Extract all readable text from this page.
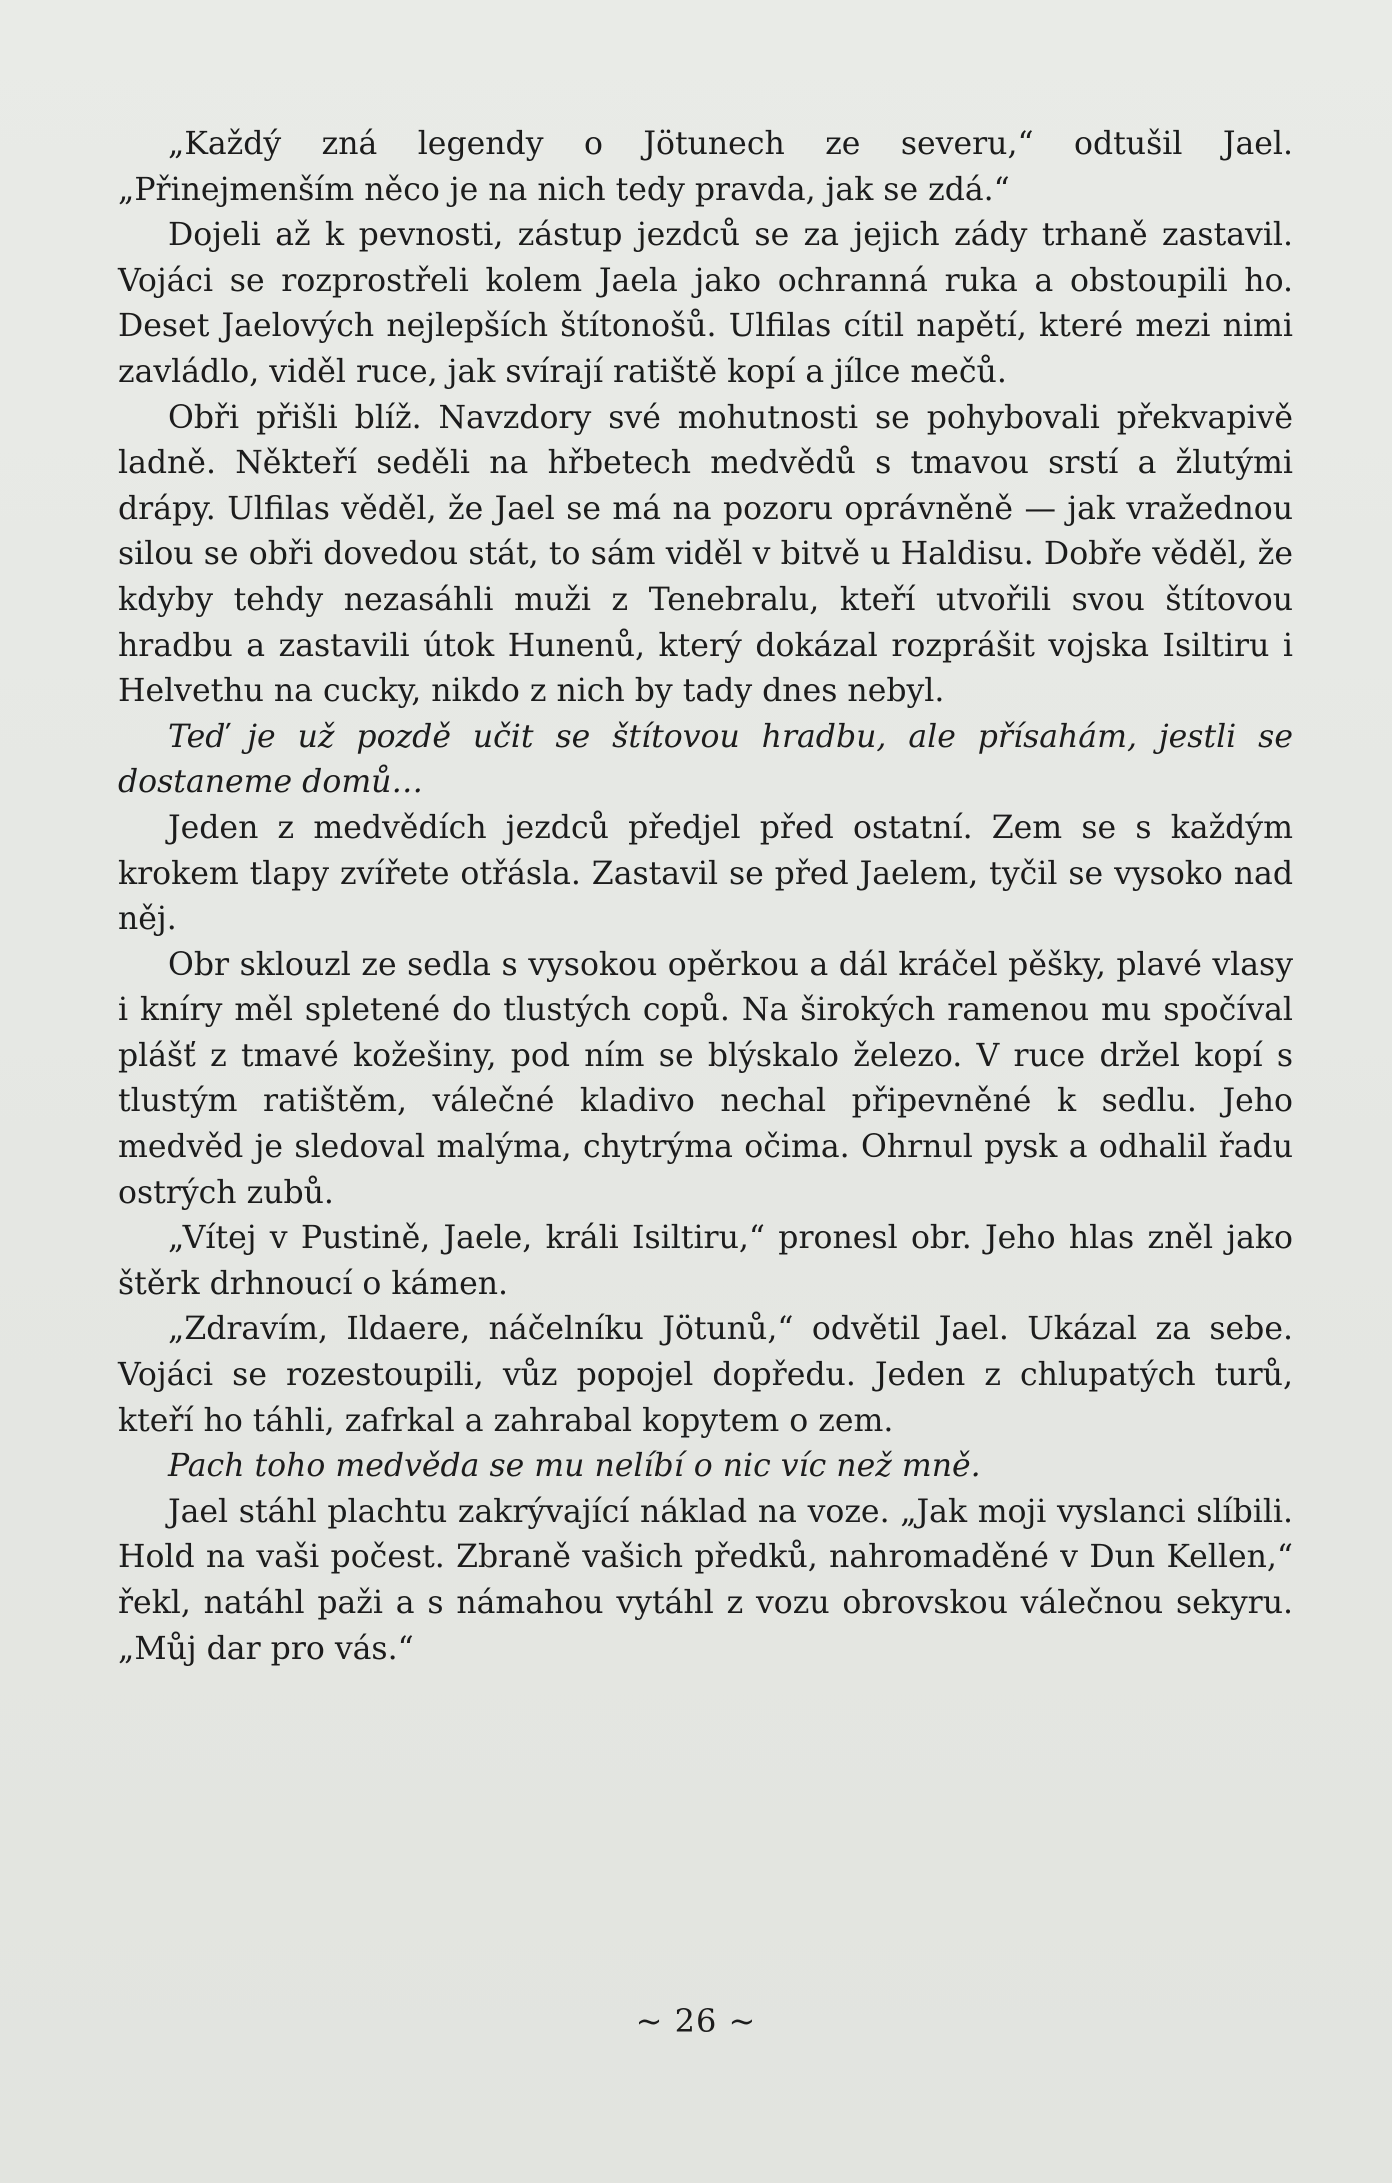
„Každý zná legendy o Jötunech ze severu,“ odtušil Jael. „Přinejmenším něco je na nich tedy pravda, jak se zdá.“

Dojeli až k pevnosti, zástup jezdců se za jejich zády trhaně zastavil. Vojáci se rozprostřeli kolem Jaela jako ochranná ruka a obstoupili ho. Deset Jaelových nejlepších štítonošů. Ulfilas cítil napětí, které mezi nimi zavládlo, viděl ruce, jak svírají ratiště kopí a jílce mečů.

Obři přišli blíž. Navzdory své mohutnosti se pohybovali překvapivě ladně. Někteří seděli na hřbetech medvědů s tmavou srstí a žlutými drápy. Ulfilas věděl, že Jael se má na pozoru oprávněně — jak vražednou silou se obři dovedou stát, to sám viděl v bitvě u Haldisu. Dobře věděl, že kdyby tehdy nezasáhli muži z Tenebralu, kteří utvořili svou štítovou hradbu a zastavili útok Hunenů, který dokázal rozprášit vojska Isiltiru i Helvethu na cucky, nikdo z nich by tady dnes nebyl.

Teď je už pozdě učit se štítovou hradbu, ale přísahám, jestli se dostaneme domů…

Jeden z medvědích jezdců předjel před ostatní. Zem se s každým krokem tlapy zvířete otřásla. Zastavil se před Jaelem, tyčil se vysoko nad něj.

Obr sklouzl ze sedla s vysokou opěrkou a dál kráčel pěšky, plavé vlasy i kníry měl spletené do tlustých copů. Na širokých ramenou mu spočíval plášť z tmavé kožešiny, pod ním se blýskalo železo. V ruce držel kopí s tlustým ratištěm, válečné kladivo nechal připevněné k sedlu. Jeho medvěd je sledoval malýma, chytrýma očima. Ohrnul pysk a odhalil řadu ostrých zubů.

„Vítej v Pustině, Jaele, králi Isiltiru,“ pronesl obr. Jeho hlas zněl jako štěrk drhnoucí o kámen.

„Zdravím, Ildaere, náčelníku Jötunů,“ odvětil Jael. Ukázal za sebe. Vojáci se rozestoupili, vůz popojel dopředu. Jeden z chlupatých turů, kteří ho táhli, zafrkal a zahrabal kopytem o zem.

Pach toho medvěda se mu nelíbí o nic víc než mně.

Jael stáhl plachtu zakrývající náklad na voze. „Jak moji vyslanci slíbili. Hold na vaši počest. Zbraně vašich předků, nahromaděné v Dun Kellen,“ řekl, natáhl paži a s námahou vytáhl z vozu obrovskou válečnou sekyru. „Můj dar pro vás.“

~ 26 ~
